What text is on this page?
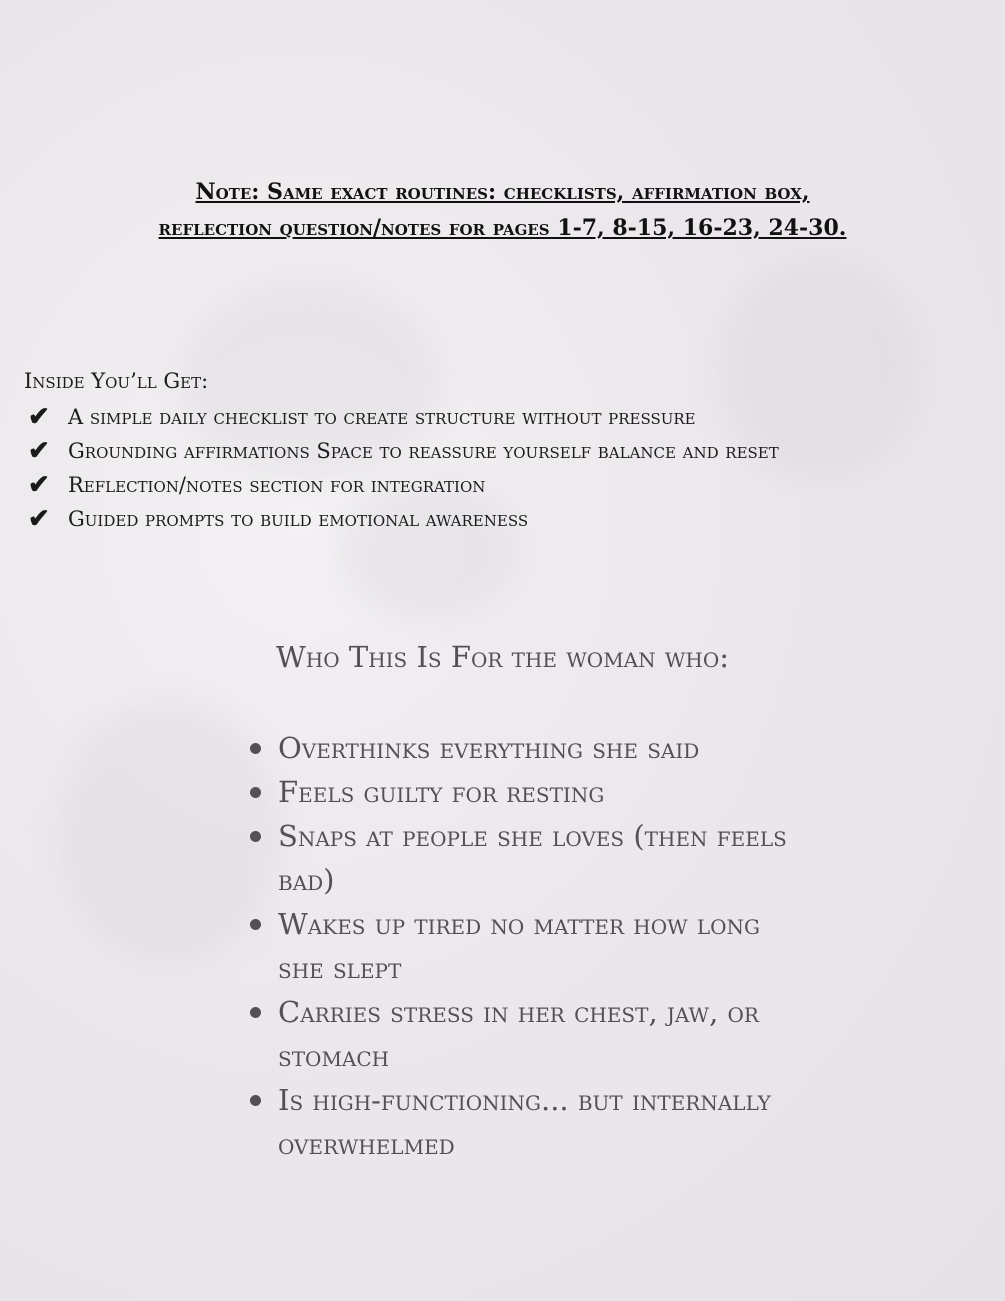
Note: Same exact routines: checklists, affirmation box,
reflection question/notes for pages 1-7, 8-15, 16-23, 24-30.
Inside You’ll Get:
✔ A simple daily checklist to create structure without pressure
✔ Grounding affirmations Space to reassure yourself balance and reset
✔ Reflection/notes section for integration
✔ Guided prompts to build emotional awareness
Who This Is For the woman who:
Overthinks everything she said
Feels guilty for resting
Snaps at people she loves (then feels bad)
Wakes up tired no matter how long she slept
Carries stress in her chest, jaw, or stomach
Is high-functioning... but internally overwhelmed
